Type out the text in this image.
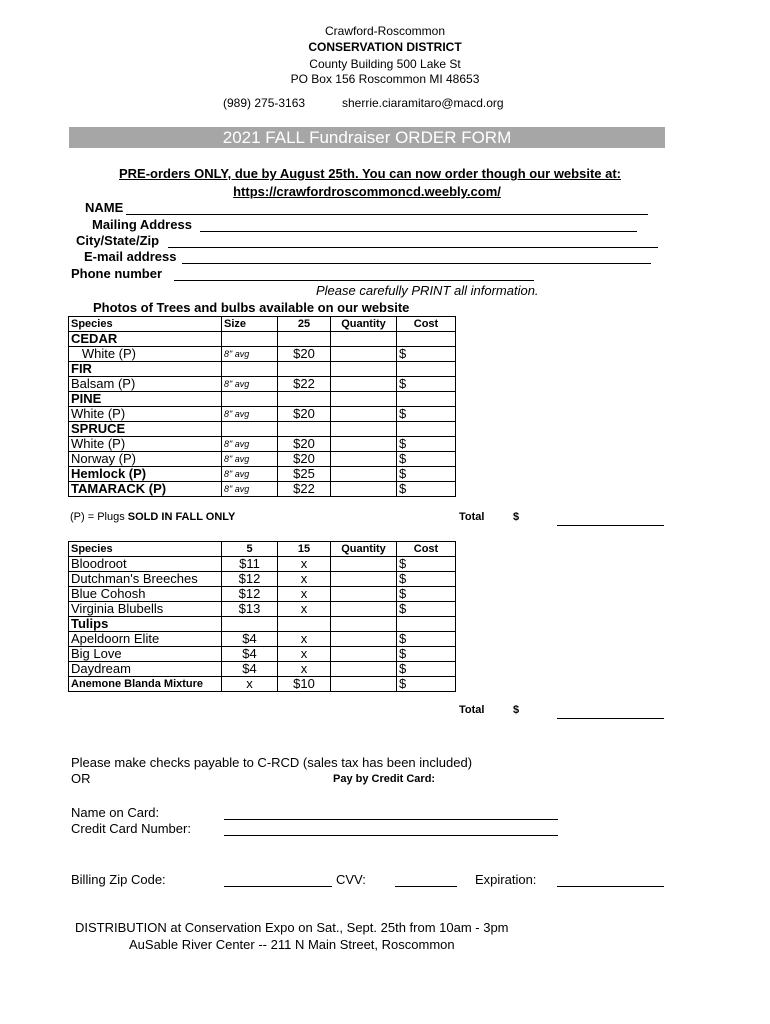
Crawford-Roscommon
CONSERVATION DISTRICT
County Building 500 Lake St
PO Box 156 Roscommon MI 48653
(989) 275-3163	sherrie.ciaramitaro@macd.org
2021 FALL Fundraiser ORDER FORM
PRE-orders ONLY, due by August 25th. You can now order though our website at:
https://crawfordroscommoncd.weebly.com/
NAME
Mailing Address
City/State/Zip
E-mail address
Phone number
Please carefully PRINT all information.
Photos of Trees and bulbs available on our website
Species	Size	25	Quantity	Cost
CEDAR				
White (P)	8" avg	$20		$
FIR				
Balsam (P)	8" avg	$22		$
PINE				
White (P)	8" avg	$20		$
SPRUCE				
White (P)	8" avg	$20		$
Norway (P)	8" avg	$20		$
Hemlock (P)	8" avg	$25		$
TAMARACK (P)	8" avg	$22		$
(P) = Plugs SOLD IN FALL ONLY	Total	$
Species	5	15	Quantity	Cost
Bloodroot	$11	x		$
Dutchman's Breeches	$12	x		$
Blue Cohosh	$12	x		$
Virginia Blubells	$13	x		$
Tulips				
Apeldoorn Elite	$4	x		$
Big Love	$4	x		$
Daydream	$4	x		$
Anemone Blanda Mixture	x	$10		$
Total	$
Please make checks payable to C-RCD (sales tax has been included)
OR	Pay by Credit Card:
Name on Card:
Credit Card Number:
Billing Zip Code:	CVV:	Expiration:
DISTRIBUTION at Conservation Expo on Sat., Sept. 25th from 10am - 3pm
AuSable River Center -- 211 N Main Street, Roscommon
